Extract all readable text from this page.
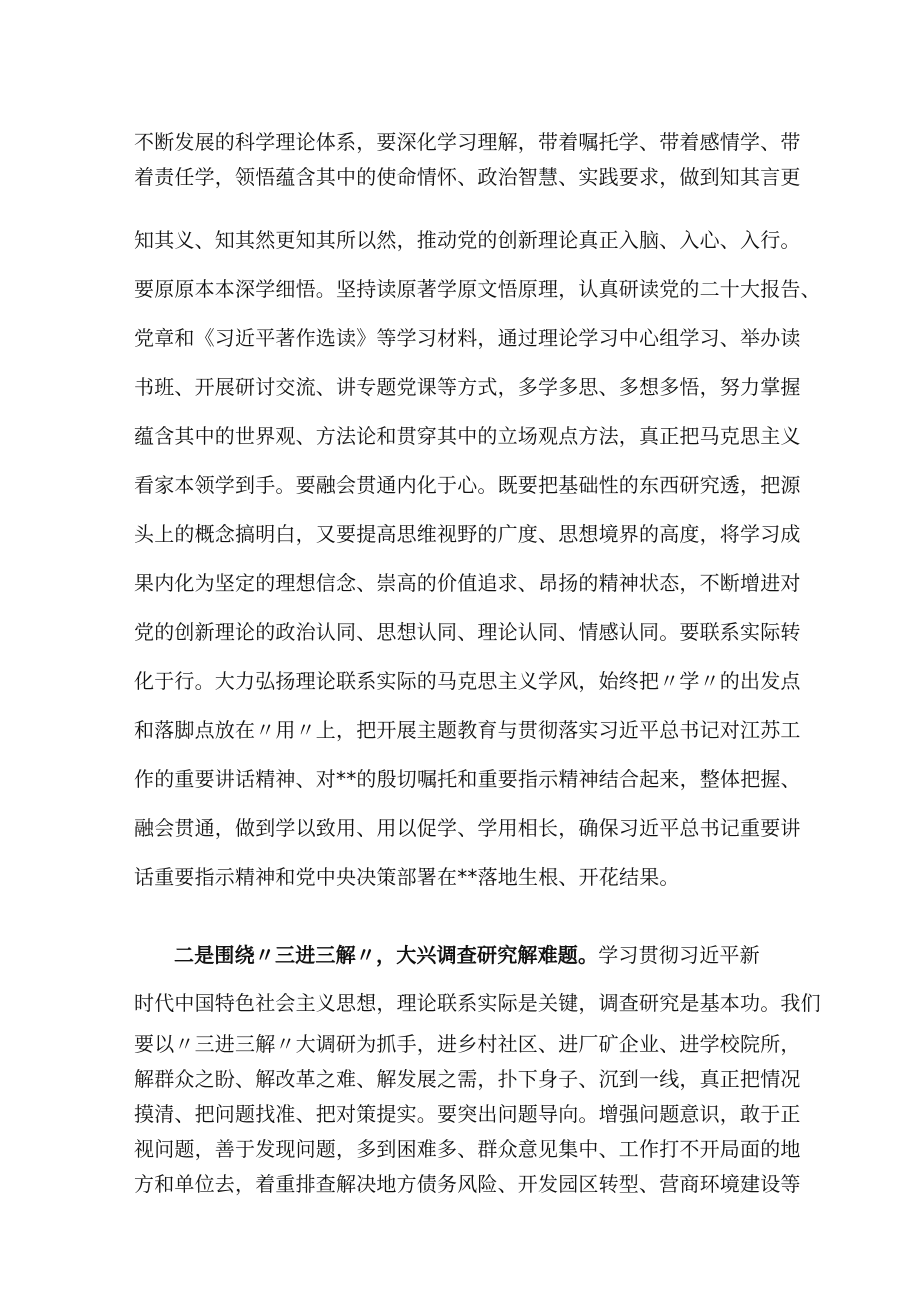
不断发展的科学理论体系，要深化学习理解，带着嘱托学、带着感情学、带
着责任学，领悟蕴含其中的使命情怀、政治智慧、实践要求，做到知其言更
知其义、知其然更知其所以然，推动党的创新理论真正入脑、入心、入行。
要原原本本深学细悟。坚持读原著学原文悟原理，认真研读党的二十大报告、
党章和《习近平著作选读》等学习材料，通过理论学习中心组学习、举办读
书班、开展研讨交流、讲专题党课等方式，多学多思、多想多悟，努力掌握
蕴含其中的世界观、方法论和贯穿其中的立场观点方法，真正把马克思主义
看家本领学到手。要融会贯通内化于心。既要把基础性的东西研究透，把源
头上的概念搞明白，又要提高思维视野的广度、思想境界的高度，将学习成
果内化为坚定的理想信念、崇高的价值追求、昂扬的精神状态，不断增进对
党的创新理论的政治认同、思想认同、理论认同、情感认同。要联系实际转
化于行。大力弘扬理论联系实际的马克思主义学风，始终把〃学〃的出发点
和落脚点放在〃用〃上，把开展主题教育与贯彻落实习近平总书记对江苏工
作的重要讲话精神、对**的殷切嘱托和重要指示精神结合起来，整体把握、
融会贯通，做到学以致用、用以促学、学用相长，确保习近平总书记重要讲
话重要指示精神和党中央决策部署在**落地生根、开花结果。
二是围绕〃三进三解〃，大兴调查研究解难题。学习贯彻习近平新
时代中国特色社会主义思想，理论联系实际是关键，调查研究是基本功。我们
要以〃三进三解〃大调研为抓手，进乡村社区、进厂矿企业、进学校院所，
解群众之盼、解改革之难、解发展之需，扑下身子、沉到一线，真正把情况
摸清、把问题找准、把对策提实。要突出问题导向。增强问题意识，敢于正
视问题，善于发现问题，多到困难多、群众意见集中、工作打不开局面的地
方和单位去，着重排查解决地方债务风险、开发园区转型、营商环境建设等
